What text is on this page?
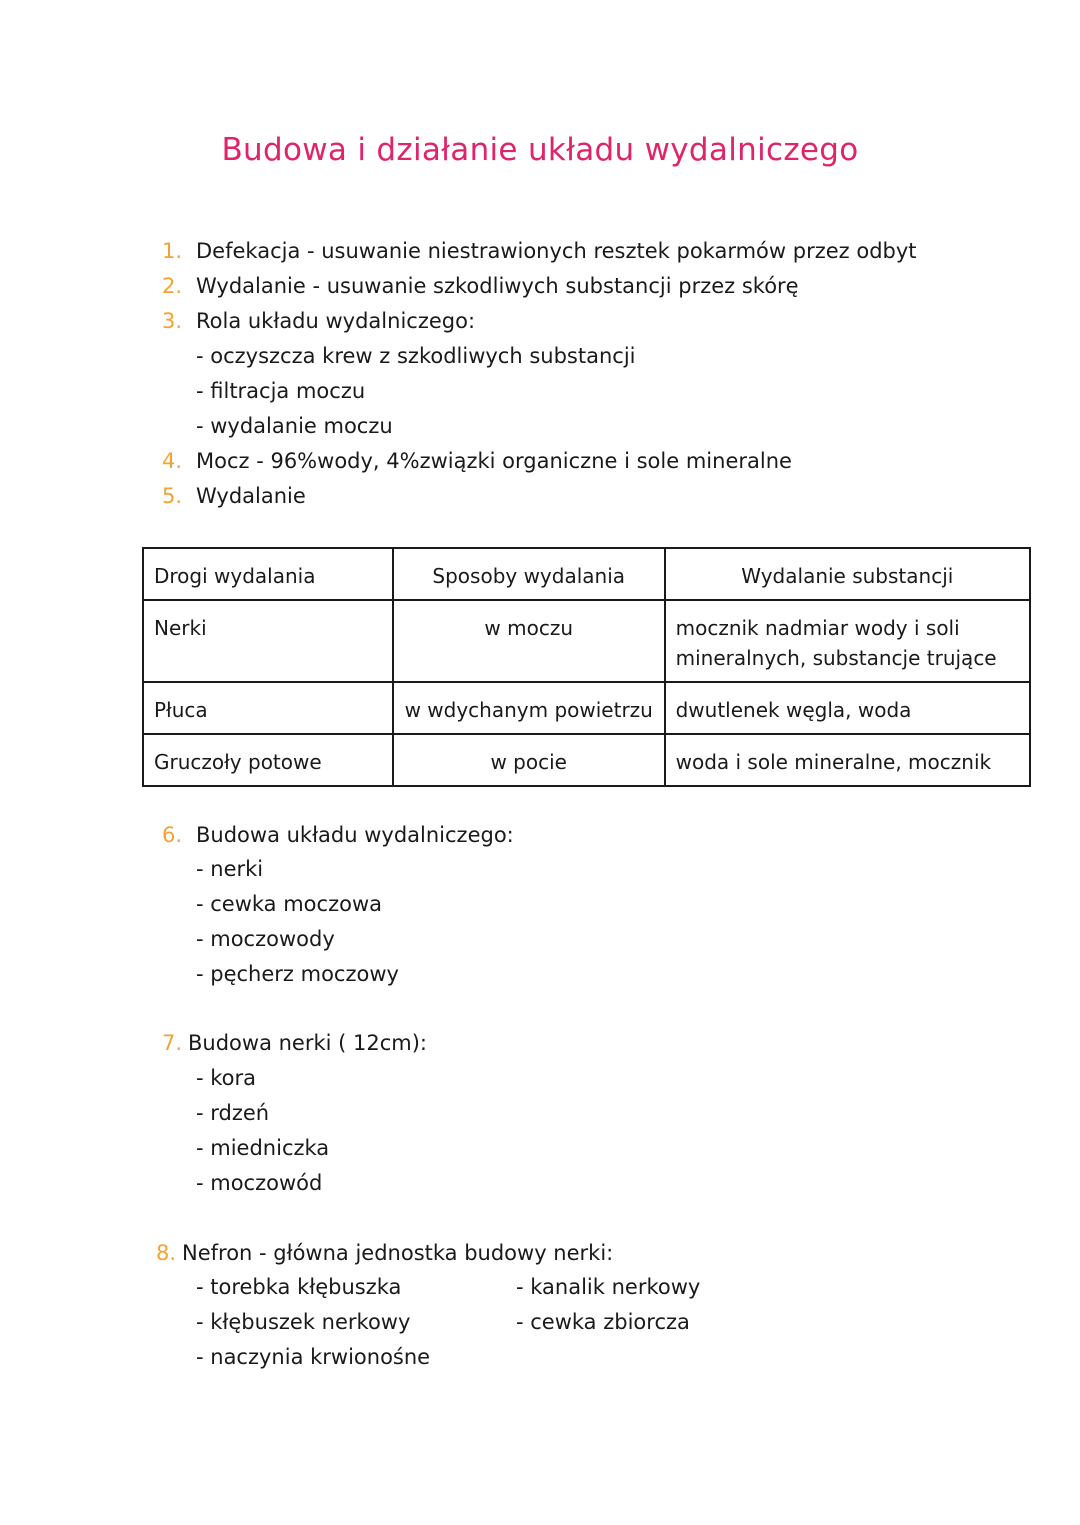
Budowa i działanie układu wydalniczego
1. Defekacja - usuwanie niestrawionych resztek pokarmów przez odbyt
2. Wydalanie - usuwanie szkodliwych substancji przez skórę
3. Rola układu wydalniczego:
- oczyszcza krew z szkodliwych substancji
- filtracja moczu
- wydalanie moczu
4. Mocz - 96%wody, 4%związki organiczne i sole mineralne
5. Wydalanie
Drogi wydalania	Sposoby wydalania	Wydalanie substancji
Nerki	w moczu	mocznik nadmiar wody i soli mineralnych, substancje trujące
Płuca	w wdychanym powietrzu	dwutlenek węgla, woda
Gruczoły potowe	w pocie	woda i sole mineralne, mocznik
6. Budowa układu wydalniczego:
- nerki
- cewka moczowa
- moczowody
- pęcherz moczowy
7. Budowa nerki ( 12cm):
- kora
- rdzeń
- miedniczka
- moczowód
8. Nefron - główna jednostka budowy nerki:
- torebka kłębuszka
- kłębuszek nerkowy
- naczynia krwionośne
- kanalik nerkowy
- cewka zbiorcza
